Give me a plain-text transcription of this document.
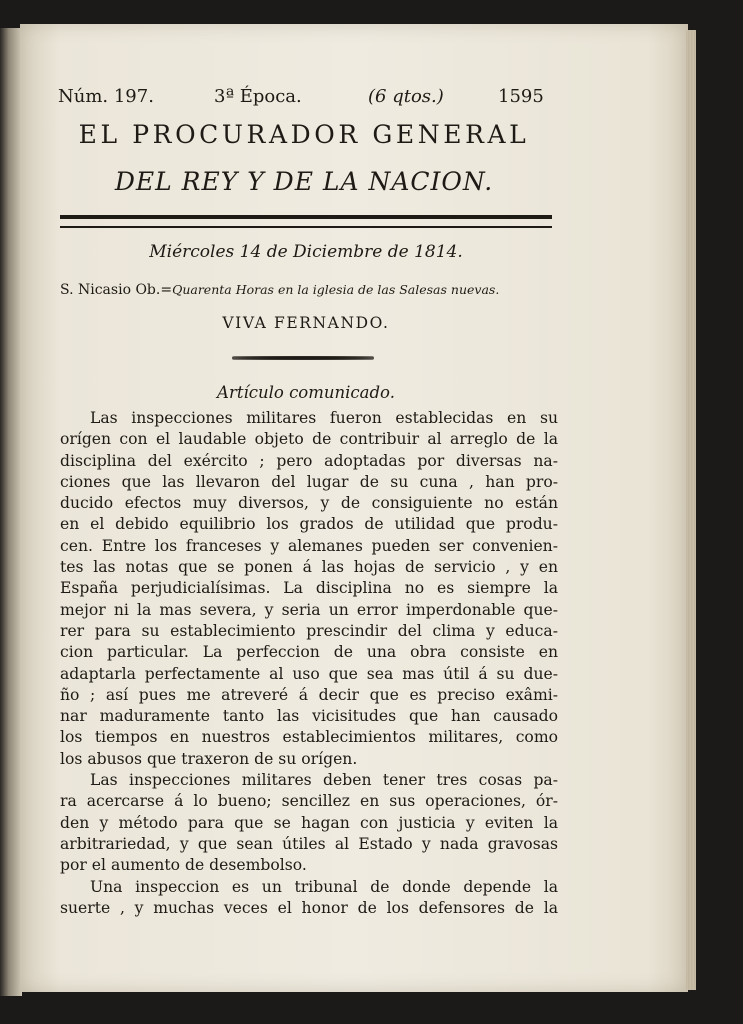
Núm. 197.	3ª Época.	(6 qtos.)	1595
EL PROCURADOR GENERAL
DEL REY Y DE LA NACION.
Miércoles 14 de Diciembre de 1814.
S. Nicasio Ob.=Quarenta Horas en la iglesia de las Salesas nuevas.
VIVA FERNANDO.
Artículo comunicado.
Las inspecciones militares fueron establecidas en su
orígen con el laudable objeto de contribuir al arreglo de la
disciplina del exército ; pero adoptadas por diversas na-
ciones que las llevaron del lugar de su cuna , han pro-
ducido efectos muy diversos, y de consiguiente no están
en el debido equilibrio los grados de utilidad que produ-
cen. Entre los franceses y alemanes pueden ser convenien-
tes las notas que se ponen á las hojas de servicio , y en
España perjudicialísimas. La disciplina no es siempre la
mejor ni la mas severa, y seria un error imperdonable que-
rer para su establecimiento prescindir del clima y educa-
cion particular. La perfeccion de una obra consiste en
adaptarla perfectamente al uso que sea mas útil á su due-
ño ; así pues me atreveré á decir que es preciso exâmi-
nar maduramente tanto las vicisitudes que han causado
los tiempos en nuestros establecimientos militares, como
los abusos que traxeron de su orígen.
Las inspecciones militares deben tener tres cosas pa-
ra acercarse á lo bueno; sencillez en sus operaciones, ór-
den y método para que se hagan con justicia y eviten la
arbitrariedad, y que sean útiles al Estado y nada gravosas
por el aumento de desembolso.
Una inspeccion es un tribunal de donde depende la
suerte , y muchas veces el honor de los defensores de la
